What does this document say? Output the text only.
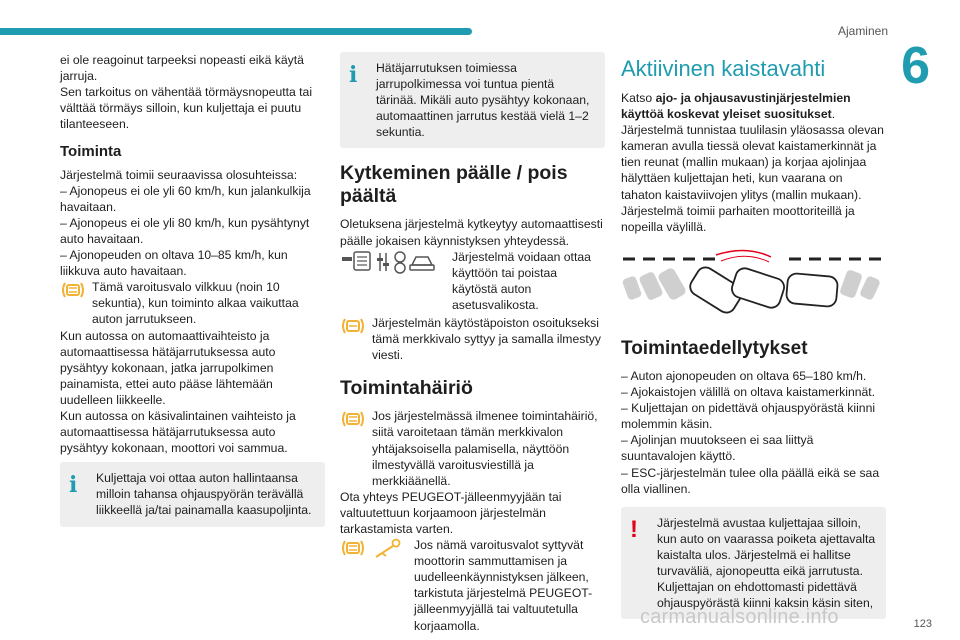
Ajaminen
6

ei ole reagoinut tarpeeksi nopeasti eikä käytä jarruja.

Sen tarkoitus on vähentää törmäysnopeutta tai välttää törmäys silloin, kun kuljettaja ei puutu tilanteeseen.

Toiminta

Järjestelmä toimii seuraavissa olosuhteissa:

– Ajonopeus ei ole yli 60 km/h, kun jalankulkija havaitaan.

– Ajonopeus ei ole yli 80 km/h, kun pysähtynyt auto havaitaan.

– Ajonopeuden on oltava 10–85 km/h, kun liikkuva auto havaitaan.

Tämä varoitusvalo vilkkuu (noin 10 sekuntia), kun toiminto alkaa vaikuttaa auton jarrutukseen.

Kun autossa on automaattivaihteisto ja automaattisessa hätäjarrutuksessa auto pysähtyy kokonaan, jatka jarrupolkimen painamista, ettei auto pääse lähtemään uudelleen liikkeelle.

Kun autossa on käsivalintainen vaihteisto ja automaattisessa hätäjarrutuksessa auto pysähtyy kokonaan, moottori voi sammua.

i	Kuljettaja voi ottaa auton hallintaansa milloin tahansa ohjauspyörän terävällä liikkeellä ja/tai painamalla kaasupoljinta.
i	Hätäjarrutuksen toimiessa jarrupolkimessa voi tuntua pientä tärinää. Mikäli auto pysähtyy kokonaan, automaattinen jarrutus kestää vielä 1–2 sekuntia.
Kytkeminen päälle / pois päältä

Oletuksena järjestelmä kytkeytyy automaattisesti päälle jokaisen käynnistyksen yhteydessä.

Järjestelmä voidaan ottaa käyttöön tai poistaa käytöstä auton asetusvalikosta.
Järjestelmän käytöstäpoiston osoitukseksi tämä merkkivalo syttyy ja samalla ilmestyy viesti.
Toimintahäiriö
Jos järjestelmässä ilmenee toimintahäiriö, siitä varoitetaan tämän merkkivalon yhtäjaksoisella palamisella, näyttöön ilmestyvällä varoitusviestillä ja merkkiäänellä.

Ota yhteys PEUGEOT-jälleenmyyjään tai valtuutettuun korjaamoon järjestelmän tarkastamista varten.

Jos nämä varoitusvalot syttyvät moottorin sammuttamisen ja uudelleenkäynnistyksen jälkeen, tarkistuta järjestelmä PEUGEOT-jälleenmyyjällä tai valtuutetulla korjaamolla.
Aktiivinen kaistavahti

Katso ajo- ja ohjausavustinjärjestelmien käyttöä koskevat yleiset suositukset.

Järjestelmä tunnistaa tuulilasin yläosassa olevan kameran avulla tiessä olevat kaistamerkinnät ja tien reunat (mallin mukaan) ja korjaa ajolinjaa hälyttäen kuljettajan heti, kun vaarana on tahaton kaistaviivojen ylitys (mallin mukaan).

Järjestelmä toimii parhaiten moottoriteillä ja nopeilla väylillä.

Toimintaedellytykset

– Auton ajonopeuden on oltava 65–180 km/h.

– Ajokaistojen välillä on oltava kaistamerkinnät.

– Kuljettajan on pidettävä ohjauspyörästä kiinni molemmin käsin.

– Ajolinjan muutokseen ei saa liittyä suuntavalojen käyttö.

– ESC-järjestelmän tulee olla päällä eikä se saa olla viallinen.

!	Järjestelmä avustaa kuljettajaa silloin, kun auto on vaarassa poiketa ajettavalta kaistalta ulos. Järjestelmä ei hallitse turvaväliä, ajonopeutta eikä jarrutusta. Kuljettajan on ehdottomasti pidettävä ohjauspyörästä kiinni kaksin käsin siten,
carmanualsonline.info	123
